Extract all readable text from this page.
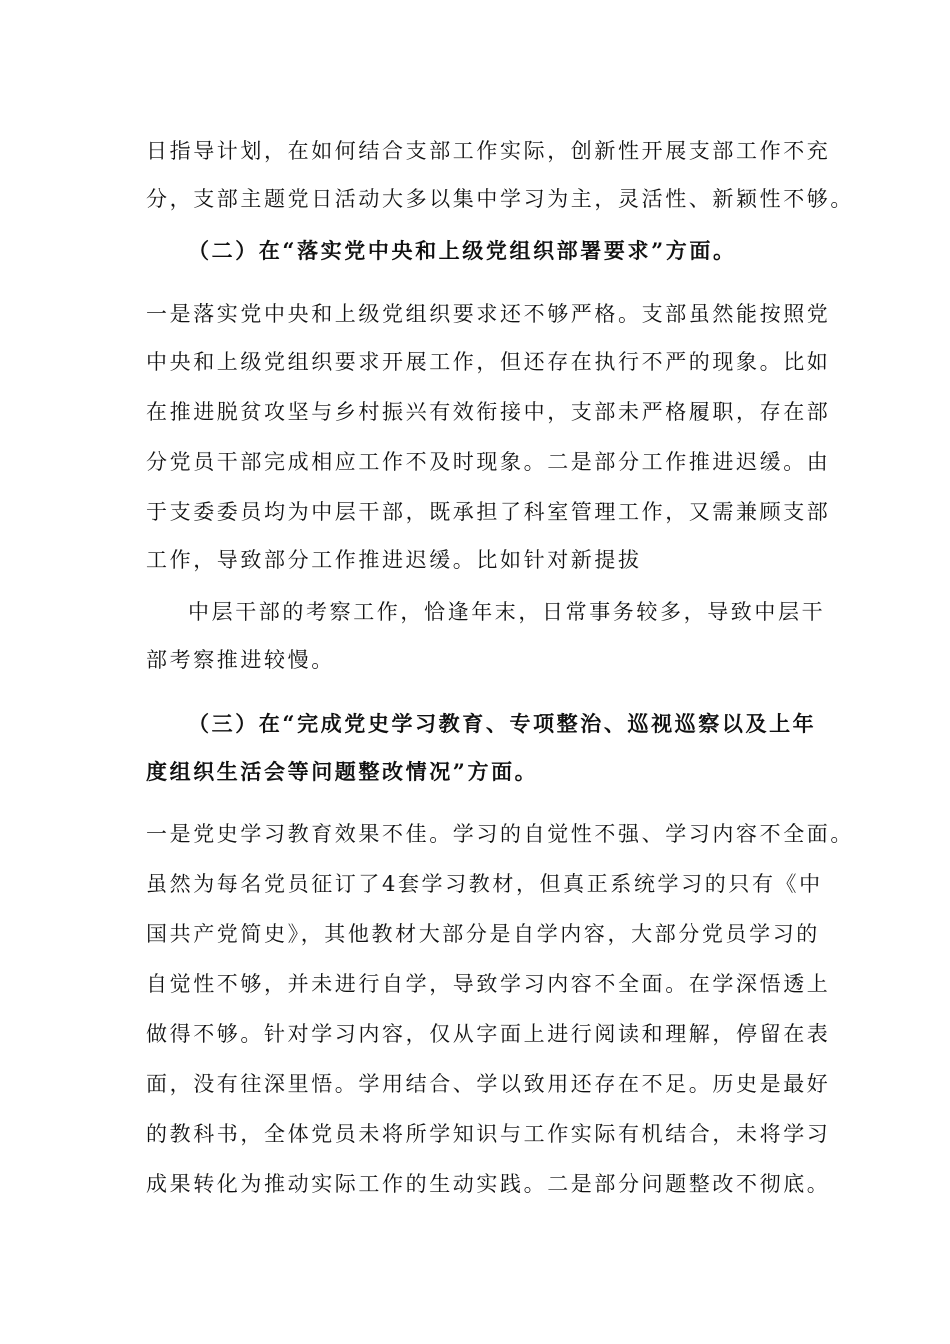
日指导计划，在如何结合支部工作实际，创新性开展支部工作不充
分，支部主题党日活动大多以集中学习为主，灵活性、新颖性不够。
（二）在“落实党中央和上级党组织部署要求”方面。
一是落实党中央和上级党组织要求还不够严格。支部虽然能按照党
中央和上级党组织要求开展工作，但还存在执行不严的现象。比如
在推进脱贫攻坚与乡村振兴有效衔接中，支部未严格履职，存在部
分党员干部完成相应工作不及时现象。二是部分工作推进迟缓。由
于支委委员均为中层干部，既承担了科室管理工作，又需兼顾支部
工作，导致部分工作推进迟缓。比如针对新提拔
中层干部的考察工作，恰逢年末，日常事务较多，导致中层干
部考察推进较慢。
（三）在“完成党史学习教育、专项整治、巡视巡察以及上年
度组织生活会等问题整改情况”方面。
一是党史学习教育效果不佳。学习的自觉性不强、学习内容不全面。
虽然为每名党员征订了4套学习教材，但真正系统学习的只有《中
国共产党简史》，其他教材大部分是自学内容，大部分党员学习的
自觉性不够，并未进行自学，导致学习内容不全面。在学深悟透上
做得不够。针对学习内容，仅从字面上进行阅读和理解，停留在表
面，没有往深里悟。学用结合、学以致用还存在不足。历史是最好
的教科书，全体党员未将所学知识与工作实际有机结合，未将学习
成果转化为推动实际工作的生动实践。二是部分问题整改不彻底。
